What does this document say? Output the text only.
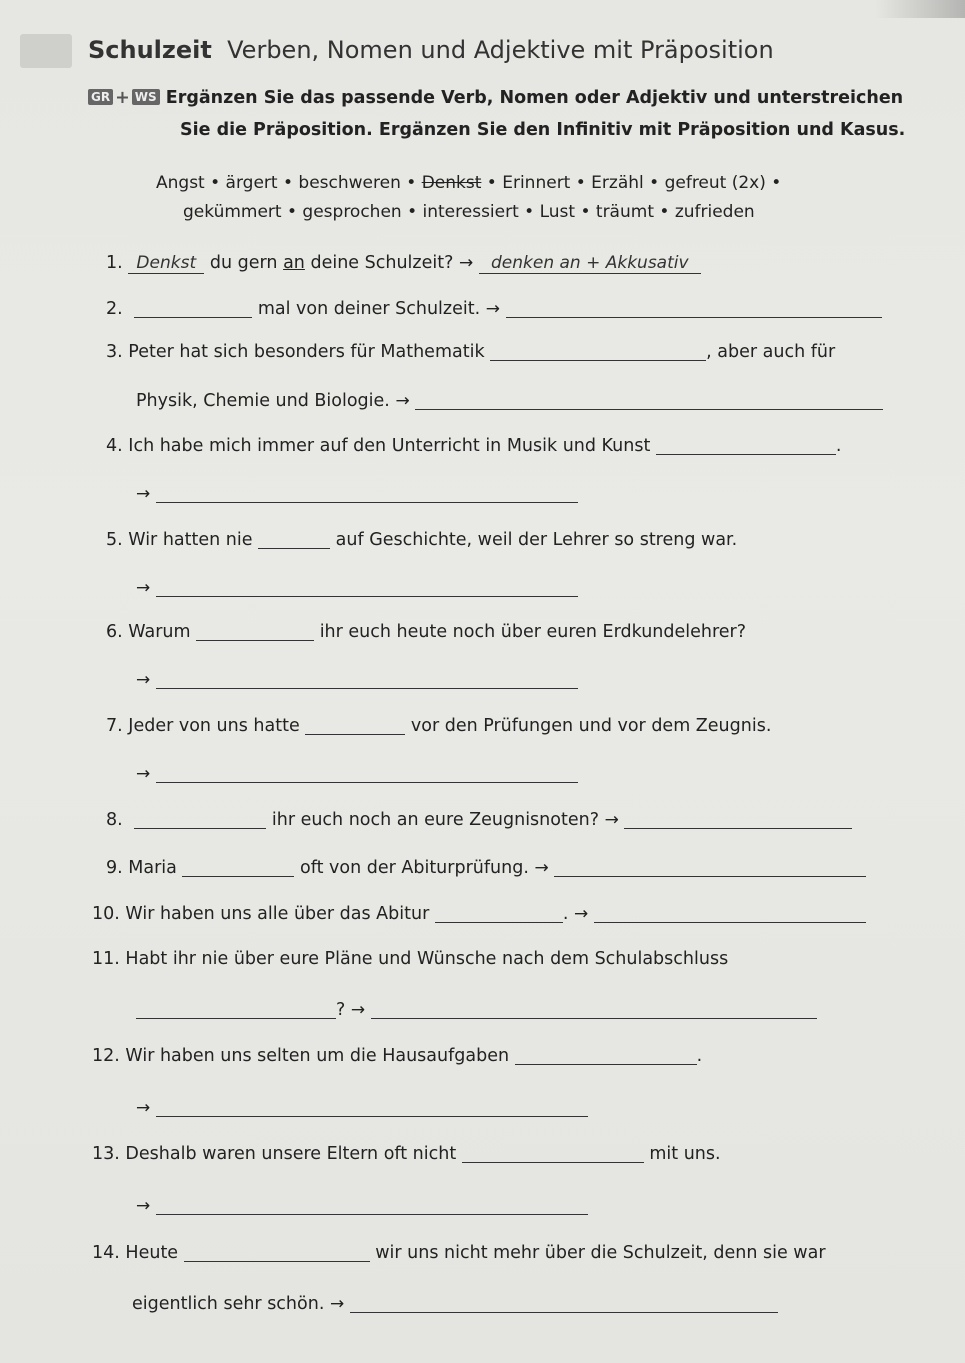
Schulzeit Verben, Nomen und Adjektive mit Präposition
GR + WS Ergänzen Sie das passende Verb, Nomen oder Adjektiv und unterstreichen
Sie die Präposition. Ergänzen Sie den Infinitiv mit Präposition und Kasus.
Angst • ärgert • beschweren • Denkst • Erinnert • Erzähl • gefreut (2x) •
gekümmert • gesprochen • interessiert • Lust • träumt • zufrieden
1. Denkst du gern an deine Schulzeit? → denken an + Akkusativ
2.	mal von deiner Schulzeit. →
3. Peter hat sich besonders für Mathematik	, aber auch für
Physik, Chemie und Biologie. →
4. Ich habe mich immer auf den Unterricht in Musik und Kunst	.
→
5. Wir hatten nie	auf Geschichte, weil der Lehrer so streng war.
→
6. Warum	ihr euch heute noch über euren Erdkundelehrer?
→
7. Jeder von uns hatte	vor den Prüfungen und vor dem Zeugnis.
→
8.	ihr euch noch an eure Zeugnisnoten? →
9. Maria	oft von der Abiturprüfung. →
10. Wir haben uns alle über das Abitur	. →
11. Habt ihr nie über eure Pläne und Wünsche nach dem Schulabschluss
? →
12. Wir haben uns selten um die Hausaufgaben	.
→
13. Deshalb waren unsere Eltern oft nicht	mit uns.
→
14. Heute	wir uns nicht mehr über die Schulzeit, denn sie war
eigentlich sehr schön. →
